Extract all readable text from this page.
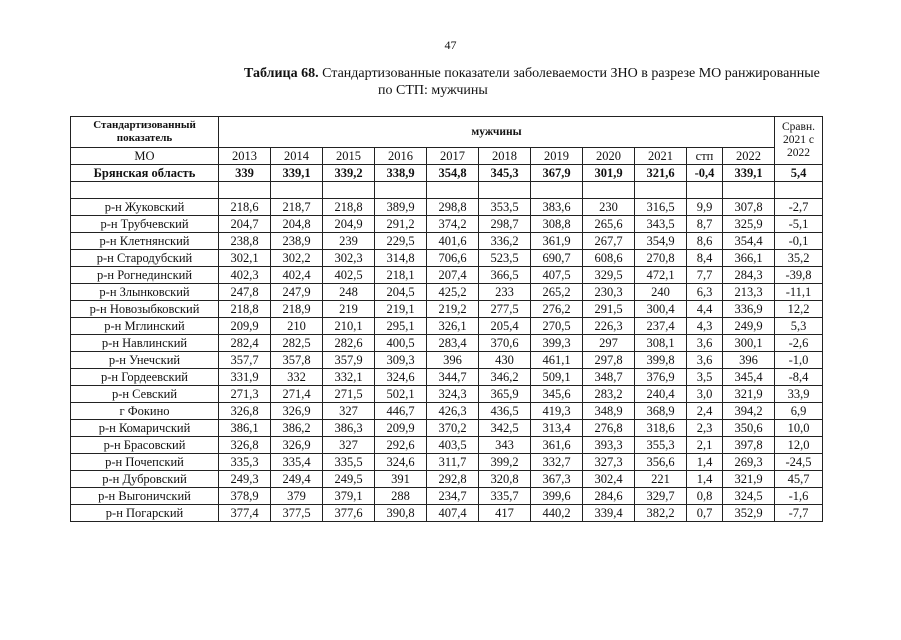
47
Таблица 68. Стандартизованные показатели заболеваемости ЗНО в разрезе МО ранжированные
по СТП: мужчины
Стандартизованный показатель	мужчины											Сравн. 2021 с 2022
МО	2013	2014	2015	2016	2017	2018	2019	2020	2021	стп	2022	
Брянская область	339	339,1	339,2	338,9	354,8	345,3	367,9	301,9	321,6	-0,4	339,1	5,4

р-н Жуковский	218,6	218,7	218,8	389,9	298,8	353,5	383,6	230	316,5	9,9	307,8	-2,7
р-н Трубчевский	204,7	204,8	204,9	291,2	374,2	298,7	308,8	265,6	343,5	8,7	325,9	-5,1
р-н Клетнянский	238,8	238,9	239	229,5	401,6	336,2	361,9	267,7	354,9	8,6	354,4	-0,1
р-н Стародубский	302,1	302,2	302,3	314,8	706,6	523,5	690,7	608,6	270,8	8,4	366,1	35,2
р-н Рогнединский	402,3	402,4	402,5	218,1	207,4	366,5	407,5	329,5	472,1	7,7	284,3	-39,8
р-н Злынковский	247,8	247,9	248	204,5	425,2	233	265,2	230,3	240	6,3	213,3	-11,1
р-н Новозыбковский	218,8	218,9	219	219,1	219,2	277,5	276,2	291,5	300,4	4,4	336,9	12,2
р-н Мглинский	209,9	210	210,1	295,1	326,1	205,4	270,5	226,3	237,4	4,3	249,9	5,3
р-н Навлинский	282,4	282,5	282,6	400,5	283,4	370,6	399,3	297	308,1	3,6	300,1	-2,6
р-н Унечский	357,7	357,8	357,9	309,3	396	430	461,1	297,8	399,8	3,6	396	-1,0
р-н Гордеевский	331,9	332	332,1	324,6	344,7	346,2	509,1	348,7	376,9	3,5	345,4	-8,4
р-н Севский	271,3	271,4	271,5	502,1	324,3	365,9	345,6	283,2	240,4	3,0	321,9	33,9
г Фокино	326,8	326,9	327	446,7	426,3	436,5	419,3	348,9	368,9	2,4	394,2	6,9
р-н Комаричский	386,1	386,2	386,3	209,9	370,2	342,5	313,4	276,8	318,6	2,3	350,6	10,0
р-н Брасовский	326,8	326,9	327	292,6	403,5	343	361,6	393,3	355,3	2,1	397,8	12,0
р-н Почепский	335,3	335,4	335,5	324,6	311,7	399,2	332,7	327,3	356,6	1,4	269,3	-24,5
р-н Дубровский	249,3	249,4	249,5	391	292,8	320,8	367,3	302,4	221	1,4	321,9	45,7
р-н Выгоничский	378,9	379	379,1	288	234,7	335,7	399,6	284,6	329,7	0,8	324,5	-1,6
р-н Погарский	377,4	377,5	377,6	390,8	407,4	417	440,2	339,4	382,2	0,7	352,9	-7,7
